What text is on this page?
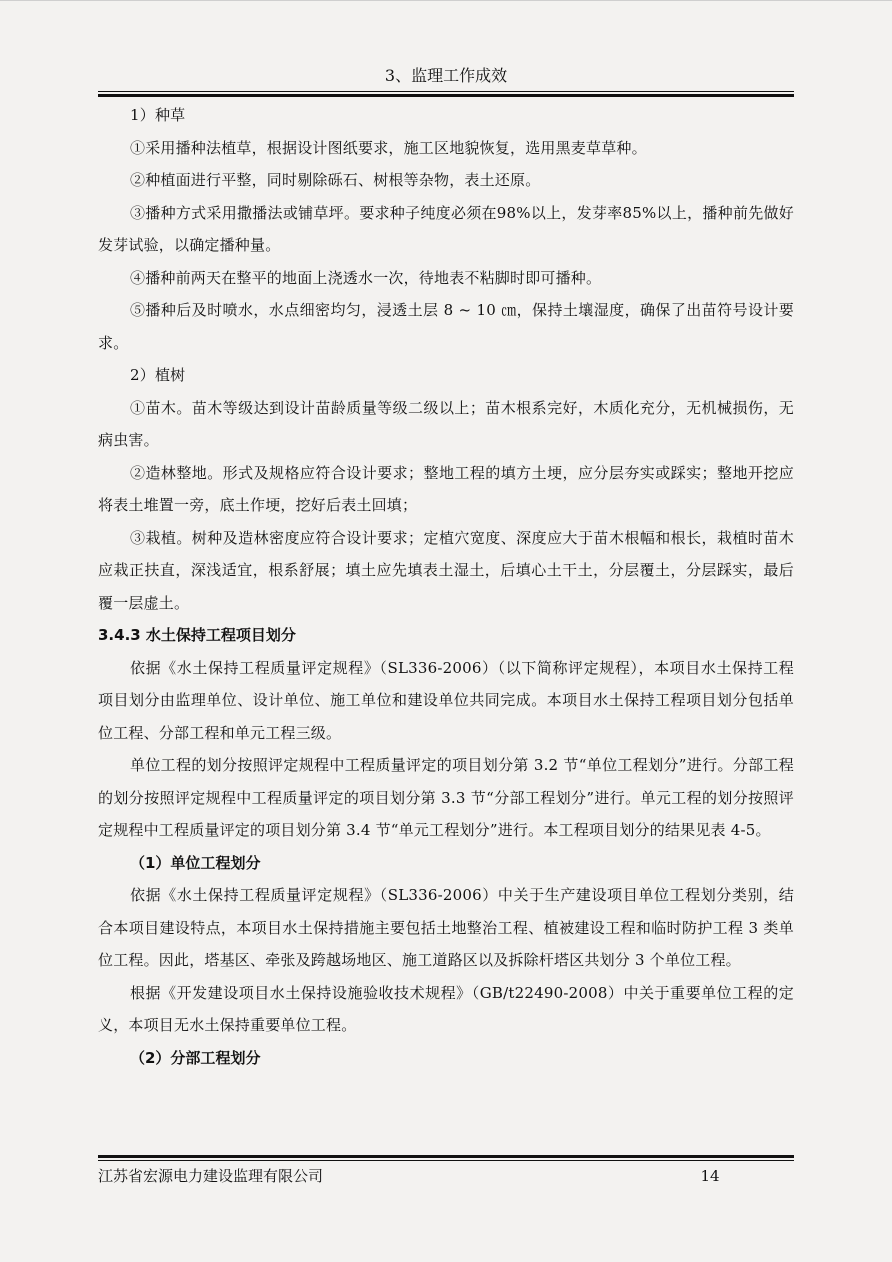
3、监理工作成效

1）种草

①采用播种法植草，根据设计图纸要求，施工区地貌恢复，选用黑麦草草种。

②种植面进行平整，同时剔除砾石、树根等杂物，表土还原。

③播种方式采用撒播法或铺草坪。要求种子纯度必须在98%以上，发芽率85%以上，播种前先做好发芽试验，以确定播种量。

④播种前两天在整平的地面上浇透水一次，待地表不粘脚时即可播种。

⑤播种后及时喷水，水点细密均匀，浸透土层 8 ~ 10 ㎝，保持土壤湿度，确保了出苗符号设计要求。

2）植树

①苗木。苗木等级达到设计苗龄质量等级二级以上；苗木根系完好，木质化充分，无机械损伤，无病虫害。

②造林整地。形式及规格应符合设计要求；整地工程的填方土埂，应分层夯实或踩实；整地开挖应将表土堆置一旁，底土作埂，挖好后表土回填；

③栽植。树种及造林密度应符合设计要求；定植穴宽度、深度应大于苗木根幅和根长，栽植时苗木应栽正扶直，深浅适宜，根系舒展；填土应先填表土湿土，后填心土干土，分层覆土，分层踩实，最后覆一层虚土。

3.4.3 水土保持工程项目划分

依据《水土保持工程质量评定规程》（SL336-2006）（以下简称评定规程），本项目水土保持工程项目划分由监理单位、设计单位、施工单位和建设单位共同完成。本项目水土保持工程项目划分包括单位工程、分部工程和单元工程三级。

单位工程的划分按照评定规程中工程质量评定的项目划分第 3.2 节“单位工程划分”进行。分部工程的划分按照评定规程中工程质量评定的项目划分第 3.3 节“分部工程划分”进行。单元工程的划分按照评定规程中工程质量评定的项目划分第 3.4 节“单元工程划分”进行。本工程项目划分的结果见表 4-5。

（1）单位工程划分

依据《水土保持工程质量评定规程》（SL336-2006）中关于生产建设项目单位工程划分类别，结合本项目建设特点，本项目水土保持措施主要包括土地整治工程、植被建设工程和临时防护工程 3 类单位工程。因此，塔基区、牵张及跨越场地区、施工道路区以及拆除杆塔区共划分 3 个单位工程。

根据《开发建设项目水土保持设施验收技术规程》（GB/t22490-2008）中关于重要单位工程的定义，本项目无水土保持重要单位工程。

（2）分部工程划分

江苏省宏源电力建设监理有限公司	14
